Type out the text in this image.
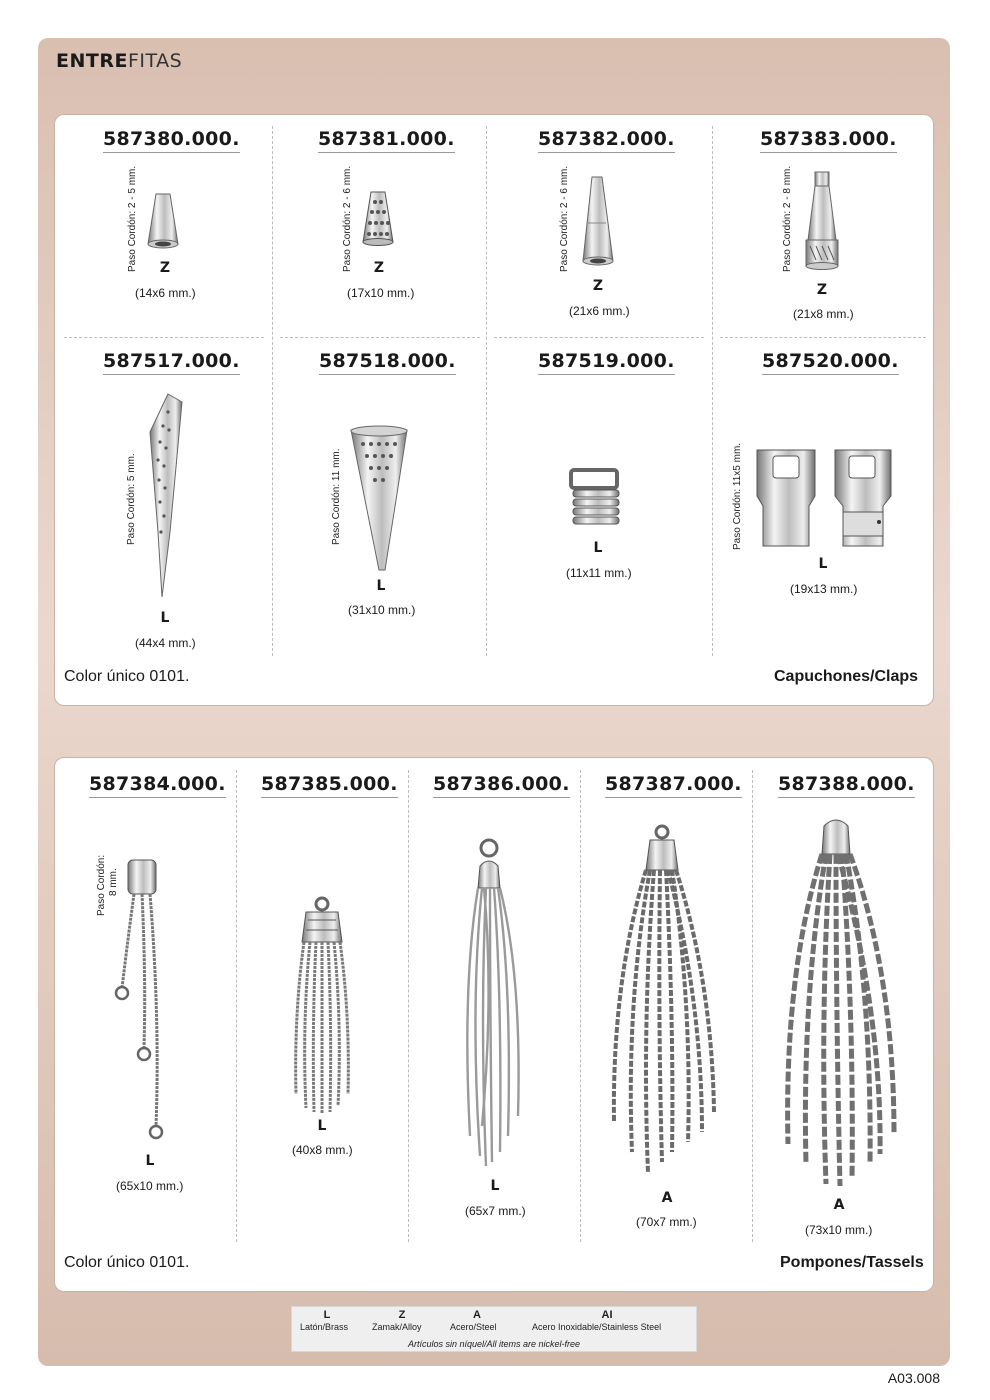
ENTREFITAS
587380.000.
Paso Cordón: 2 - 5 mm.	Z
(14x6 mm.)
587381.000.
Paso Cordón: 2 - 6 mm.	Z
(17x10 mm.)
587382.000.
Paso Cordón: 2 - 6 mm.
Z
(21x6 mm.)
587383.000.
Paso Cordón: 2 - 8 mm.
Z
(21x8 mm.)
587517.000.
Paso Cordón: 5 mm.
L
(44x4 mm.)
587518.000.
Paso Cordón: 11 mm.
L
(31x10 mm.)
587519.000.
L
(11x11 mm.)
587520.000.
Paso Cordón: 11x5 mm.
L
(19x13 mm.)
Color único 0101.	Capuchones/Claps
587384.000.
Paso Cordón: 8 mm.
L
(65x10 mm.)
587385.000.
L
(40x8 mm.)
587386.000.
L
(65x7 mm.)
587387.000.
A
(70x7 mm.)
587388.000.
A
(73x10 mm.)
Color único 0101.	Pompones/Tassels
L
Latón/Brass
Z
Zamak/Alloy
A
Acero/Steel
AI
Acero Inoxidable/Stainless Steel
Artículos sin níquel/All items are nickel-free
A03.008
